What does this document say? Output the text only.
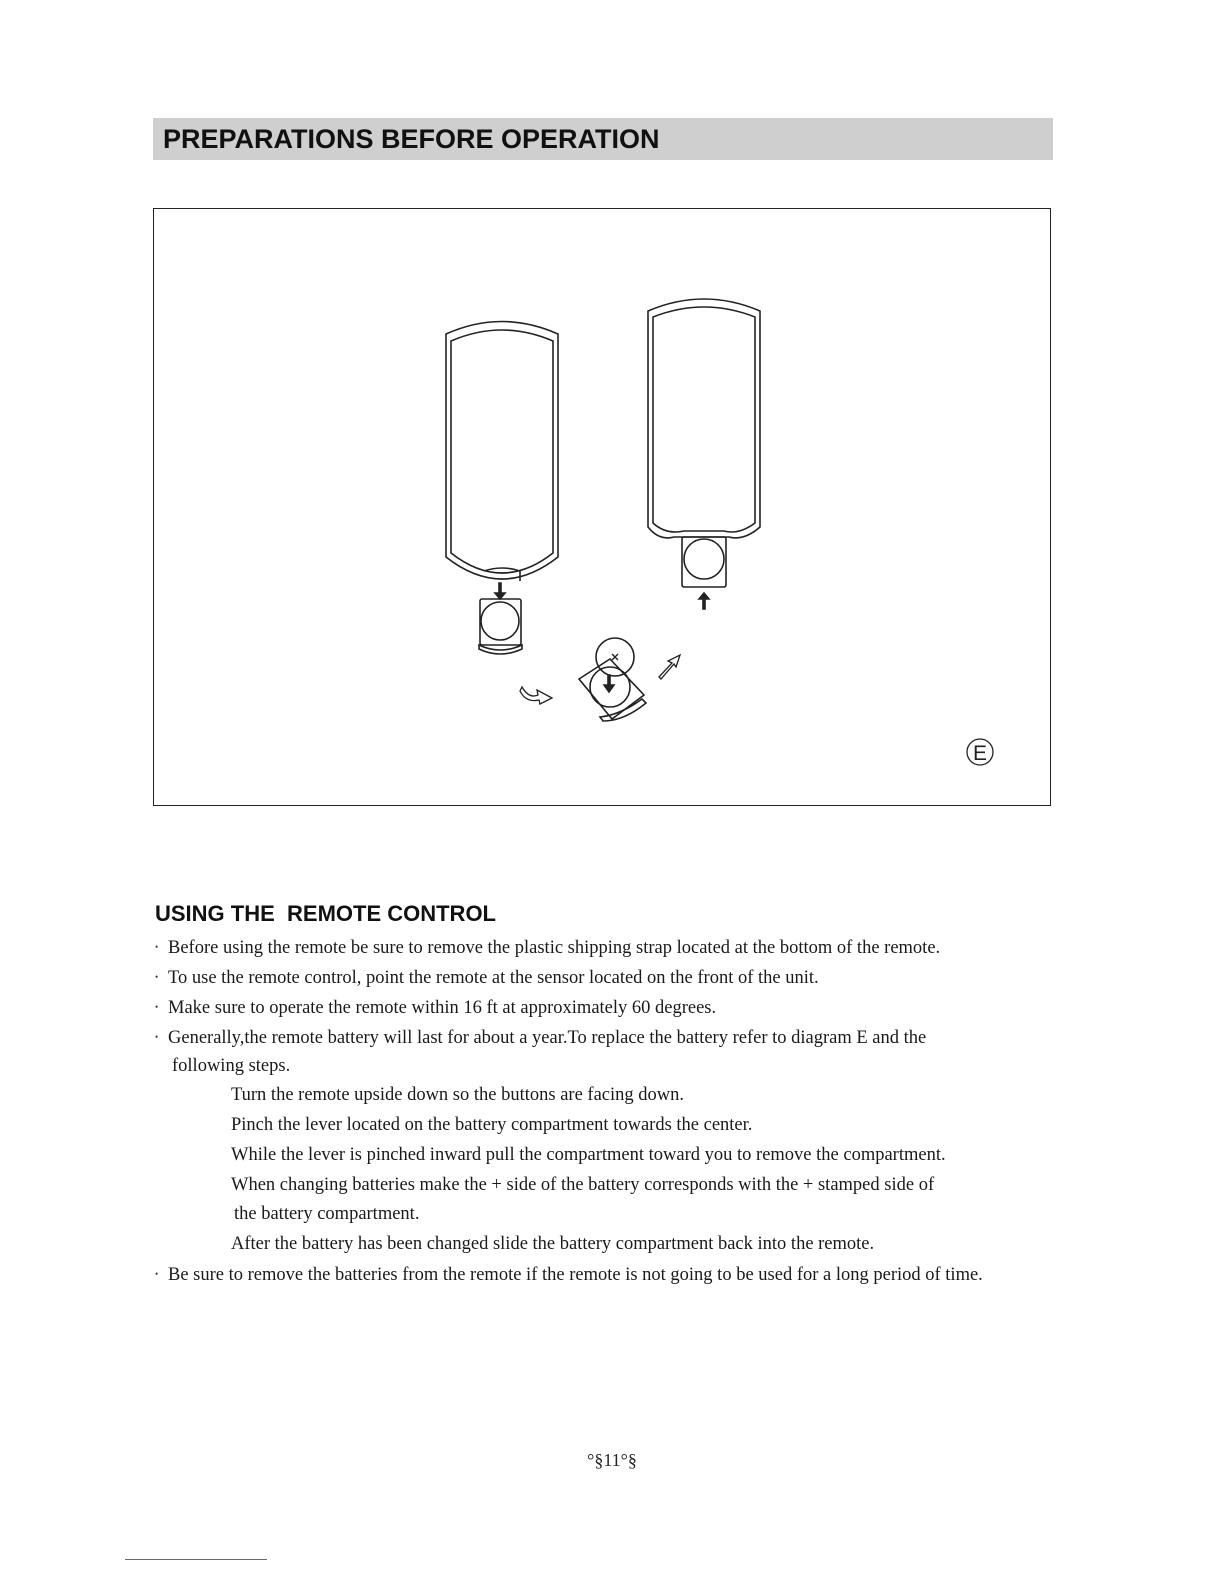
PREPARATIONS BEFORE OPERATION
E
USING THE  REMOTE CONTROL
• Before using the remote be sure to remove the plastic shipping strap located at the bottom of the remote.
• To use the remote control, point the remote at the sensor located on the front of the unit.
• Make sure to operate the remote within 16 ft at approximately 60 degrees.
• Generally,the remote battery will last for about a year.To replace the battery refer to diagram E and the
following steps.
Turn the remote upside down so the buttons are facing down.
Pinch the lever located on the battery compartment towards the center.
While the lever is pinched inward pull the compartment toward you to remove the compartment.
When changing batteries make the + side of the battery corresponds with the + stamped side of
the battery compartment.
After the battery has been changed slide the battery compartment back into the remote.
• Be sure to remove the batteries from the remote if the remote is not going to be used for a long period of time.
°§11°§
